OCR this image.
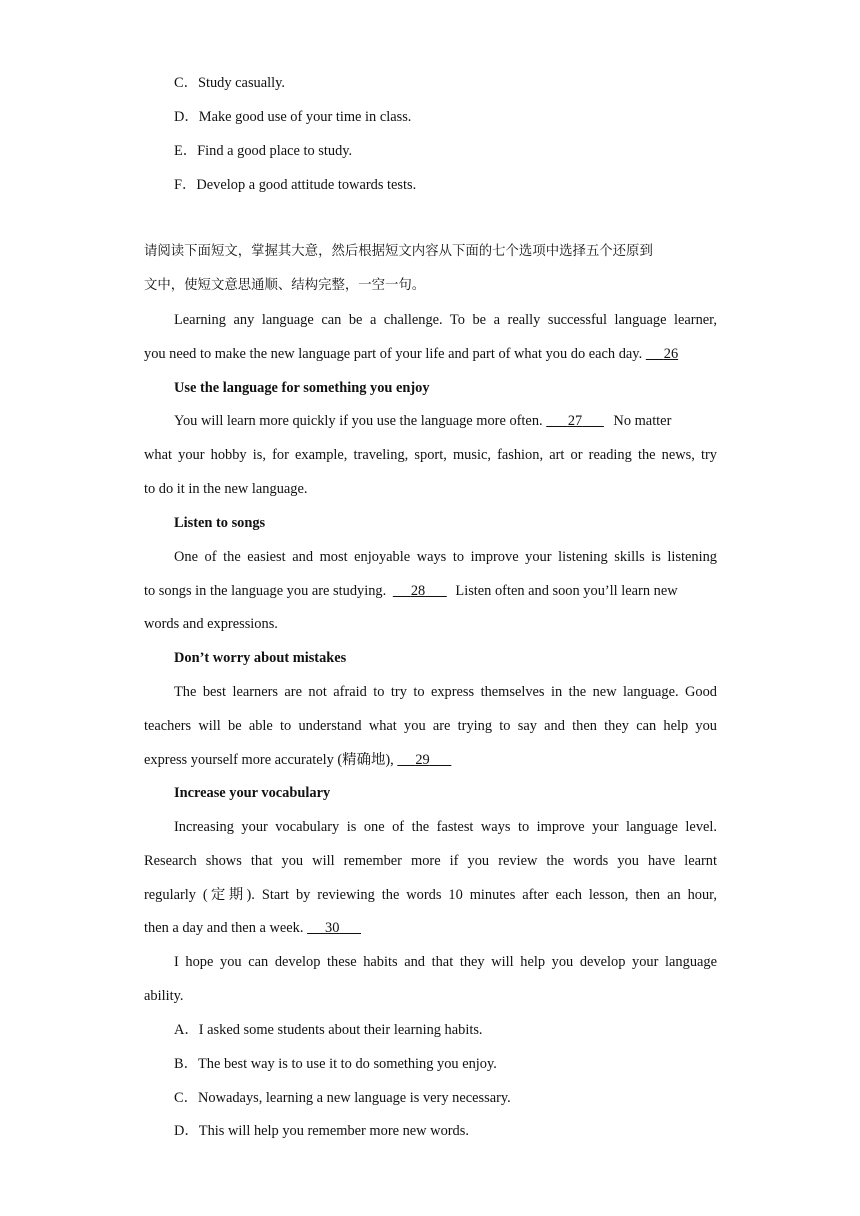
C．Study casually.
D．Make good use of your time in class.
E．Find a good place to study.
F．Develop a good attitude towards tests.
请阅读下面短文，掌握其大意，然后根据短文内容从下面的七个选项中选择五个还原到
文中，使短文意思通顺、结构完整，一空一句。
Learning any language can be a challenge. To be a really successful language learner,
you need to make the new language part of your life and part of what you do each day. 26
Use the language for something you enjoy
You will learn more quickly if you use the language more often. 27 No matter
what your hobby is, for example, traveling, sport, music, fashion, art or reading the news, try
to do it in the new language.
Listen to songs
One of the easiest and most enjoyable ways to improve your listening skills is listening
to songs in the language you are studying. 28 Listen often and soon you’ll learn new
words and expressions.
Don’t worry about mistakes
The best learners are not afraid to try to express themselves in the new language. Good
teachers will be able to understand what you are trying to say and then they can help you
express yourself more accurately (精确地), 29
Increase your vocabulary
Increasing your vocabulary is one of the fastest ways to improve your language level.
Research shows that you will remember more if you review the words you have learnt
regularly (定期). Start by reviewing the words 10 minutes after each lesson, then an hour,
then a day and then a week. 30
I hope you can develop these habits and that they will help you develop your language
ability.
A．I asked some students about their learning habits.
B．The best way is to use it to do something you enjoy.
C．Nowadays, learning a new language is very necessary.
D．This will help you remember more new words.
